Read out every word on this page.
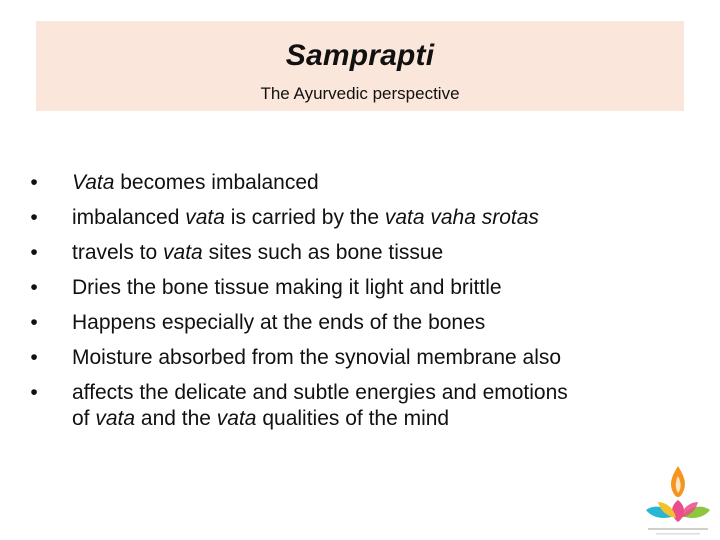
Samprapti
The Ayurvedic perspective
• Vata becomes imbalanced
• imbalanced vata is carried by the vata vaha srotas
• travels to vata sites such as bone tissue
• Dries the bone tissue making it light and brittle
• Happens especially at the ends of the bones
• Moisture absorbed from the synovial membrane also
• affects the delicate and subtle energies and emotions
of vata and the vata qualities of the mind
